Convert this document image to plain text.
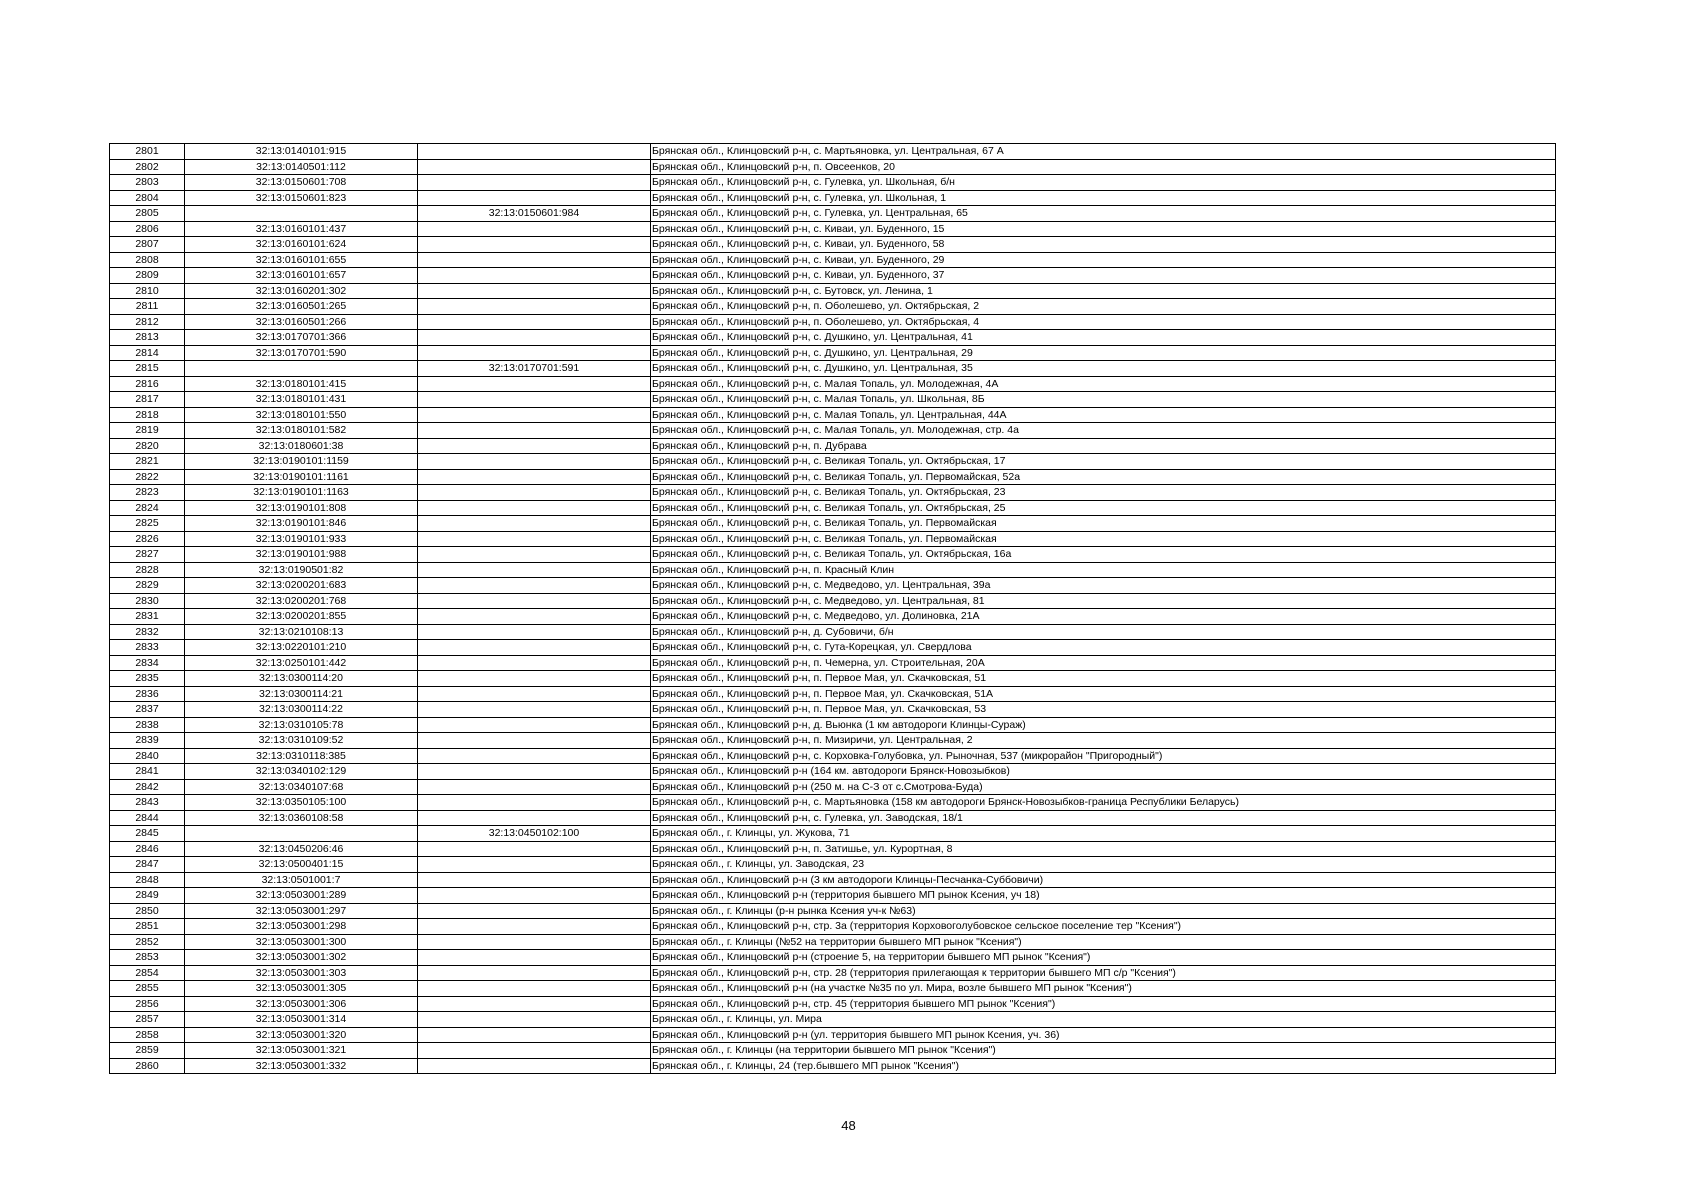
2801	32:13:0140101:915		Брянская обл., Клинцовский р-н, с. Мартьяновка, ул. Центральная, 67 А
2802	32:13:0140501:112		Брянская обл., Клинцовский р-н, п. Овсеенков, 20
2803	32:13:0150601:708		Брянская обл., Клинцовский р-н, с. Гулевка, ул. Школьная, б/н
2804	32:13:0150601:823		Брянская обл., Клинцовский р-н, с. Гулевка, ул. Школьная, 1
2805		32:13:0150601:984	Брянская обл., Клинцовский р-н, с. Гулевка, ул. Центральная, 65
2806	32:13:0160101:437		Брянская обл., Клинцовский р-н, с. Киваи, ул. Буденного, 15
2807	32:13:0160101:624		Брянская обл., Клинцовский р-н, с. Киваи, ул. Буденного, 58
2808	32:13:0160101:655		Брянская обл., Клинцовский р-н, с. Киваи, ул. Буденного, 29
2809	32:13:0160101:657		Брянская обл., Клинцовский р-н, с. Киваи, ул. Буденного, 37
2810	32:13:0160201:302		Брянская обл., Клинцовский р-н, с. Бутовск, ул. Ленина, 1
2811	32:13:0160501:265		Брянская обл., Клинцовский р-н, п. Оболешево, ул. Октябрьская, 2
2812	32:13:0160501:266		Брянская обл., Клинцовский р-н, п. Оболешево, ул. Октябрьская, 4
2813	32:13:0170701:366		Брянская обл., Клинцовский р-н, с. Душкино, ул. Центральная, 41
2814	32:13:0170701:590		Брянская обл., Клинцовский р-н, с. Душкино, ул. Центральная, 29
2815		32:13:0170701:591	Брянская обл., Клинцовский р-н, с. Душкино, ул. Центральная, 35
2816	32:13:0180101:415		Брянская обл., Клинцовский р-н, с. Малая Топаль, ул. Молодежная, 4А
2817	32:13:0180101:431		Брянская обл., Клинцовский р-н, с. Малая Топаль, ул. Школьная, 8Б
2818	32:13:0180101:550		Брянская обл., Клинцовский р-н, с. Малая Топаль, ул. Центральная, 44А
2819	32:13:0180101:582		Брянская обл., Клинцовский р-н, с. Малая Топаль, ул. Молодежная, стр. 4а
2820	32:13:0180601:38		Брянская обл., Клинцовский р-н, п. Дубрава
2821	32:13:0190101:1159		Брянская обл., Клинцовский р-н, с. Великая Топаль, ул. Октябрьская, 17
2822	32:13:0190101:1161		Брянская обл., Клинцовский р-н, с. Великая Топаль, ул. Первомайская, 52а
2823	32:13:0190101:1163		Брянская обл., Клинцовский р-н, с. Великая Топаль, ул. Октябрьская, 23
2824	32:13:0190101:808		Брянская обл., Клинцовский р-н, с. Великая Топаль, ул. Октябрьская, 25
2825	32:13:0190101:846		Брянская обл., Клинцовский р-н, с. Великая Топаль, ул. Первомайская
2826	32:13:0190101:933		Брянская обл., Клинцовский р-н, с. Великая Топаль, ул. Первомайская
2827	32:13:0190101:988		Брянская обл., Клинцовский р-н, с. Великая Топаль, ул. Октябрьская, 16а
2828	32:13:0190501:82		Брянская обл., Клинцовский р-н, п. Красный Клин
2829	32:13:0200201:683		Брянская обл., Клинцовский р-н, с. Медведово, ул. Центральная, 39а
2830	32:13:0200201:768		Брянская обл., Клинцовский р-н, с. Медведово, ул. Центральная, 81
2831	32:13:0200201:855		Брянская обл., Клинцовский р-н, с. Медведово, ул. Долиновка, 21А
2832	32:13:0210108:13		Брянская обл., Клинцовский р-н, д. Субовичи, б/н
2833	32:13:0220101:210		Брянская обл., Клинцовский р-н, с. Гута-Корецкая, ул. Свердлова
2834	32:13:0250101:442		Брянская обл., Клинцовский р-н, п. Чемерна, ул. Строительная, 20А
2835	32:13:0300114:20		Брянская обл., Клинцовский р-н, п. Первое Мая, ул. Скачковская, 51
2836	32:13:0300114:21		Брянская обл., Клинцовский р-н, п. Первое Мая, ул. Скачковская, 51А
2837	32:13:0300114:22		Брянская обл., Клинцовский р-н, п. Первое Мая, ул. Скачковская, 53
2838	32:13:0310105:78		Брянская обл., Клинцовский р-н, д. Вьюнка (1 км автодороги Клинцы-Сураж)
2839	32:13:0310109:52		Брянская обл., Клинцовский р-н, п. Мизиричи, ул. Центральная, 2
2840	32:13:0310118:385		Брянская обл., Клинцовский р-н, с. Корховка-Голубовка, ул. Рыночная, 537 (микрорайон "Пригородный")
2841	32:13:0340102:129		Брянская обл., Клинцовский р-н (164 км. автодороги Брянск-Новозыбков)
2842	32:13:0340107:68		Брянская обл., Клинцовский р-н (250 м. на С-З от с.Смотрова-Буда)
2843	32:13:0350105:100		Брянская обл., Клинцовский р-н, с. Мартьяновка (158 км автодороги Брянск-Новозыбков-граница Республики Беларусь)
2844	32:13:0360108:58		Брянская обл., Клинцовский р-н, с. Гулевка, ул. Заводская, 18/1
2845		32:13:0450102:100	Брянская обл., г. Клинцы, ул. Жукова, 71
2846	32:13:0450206:46		Брянская обл., Клинцовский р-н, п. Затишье, ул. Курортная, 8
2847	32:13:0500401:15		Брянская обл., г. Клинцы, ул. Заводская, 23
2848	32:13:0501001:7		Брянская обл., Клинцовский р-н (3 км автодороги Клинцы-Песчанка-Суббовичи)
2849	32:13:0503001:289		Брянская обл., Клинцовский р-н (территория бывшего МП рынок Ксения, уч 18)
2850	32:13:0503001:297		Брянская обл., г. Клинцы (р-н рынка Ксения уч-к №63)
2851	32:13:0503001:298		Брянская обл., Клинцовский р-н, стр. 3а (территория Корховоголубовское сельское поселение тер "Ксения")
2852	32:13:0503001:300		Брянская обл., г. Клинцы (№52 на территории бывшего МП рынок "Ксения")
2853	32:13:0503001:302		Брянская обл., Клинцовский р-н (строение 5, на территории бывшего МП рынок "Ксения")
2854	32:13:0503001:303		Брянская обл., Клинцовский р-н, стр. 28 (территория прилегающая к территории бывшего МП с/р "Ксения")
2855	32:13:0503001:305		Брянская обл., Клинцовский р-н (на участке №35 по ул. Мира, возле бывшего МП рынок "Ксения")
2856	32:13:0503001:306		Брянская обл., Клинцовский р-н, стр. 45 (территория бывшего МП рынок "Ксения")
2857	32:13:0503001:314		Брянская обл., г. Клинцы, ул. Мира
2858	32:13:0503001:320		Брянская обл., Клинцовский р-н (ул. территория бывшего МП рынок Ксения, уч. 36)
2859	32:13:0503001:321		Брянская обл., г. Клинцы (на территории бывшего МП рынок "Ксения")
2860	32:13:0503001:332		Брянская обл., г. Клинцы, 24 (тер.бывшего МП рынок "Ксения")
48
